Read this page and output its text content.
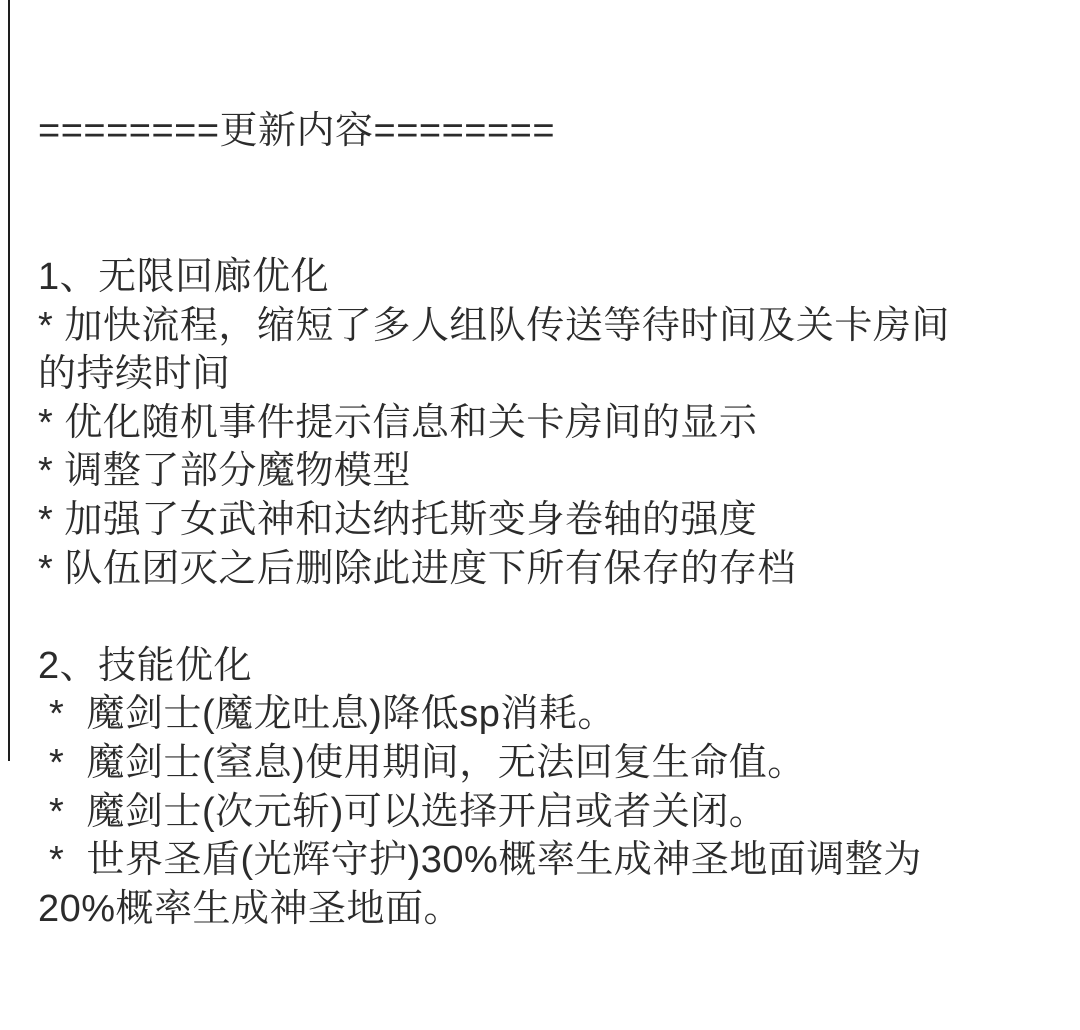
========更新内容========

1、无限回廊优化
* 加快流程，缩短了多人组队传送等待时间及关卡房间
的持续时间
* 优化随机事件提示信息和关卡房间的显示
* 调整了部分魔物模型
* 加强了女武神和达纳托斯变身卷轴的强度
* 队伍团灭之后删除此进度下所有保存的存档
2、技能优化
*  魔剑士(魔龙吐息)降低sp消耗。
*  魔剑士(窒息)使用期间，无法回复生命值。
*  魔剑士(次元斩)可以选择开启或者关闭。
*  世界圣盾(光辉守护)30%概率生成神圣地面调整为
20%概率生成神圣地面。
